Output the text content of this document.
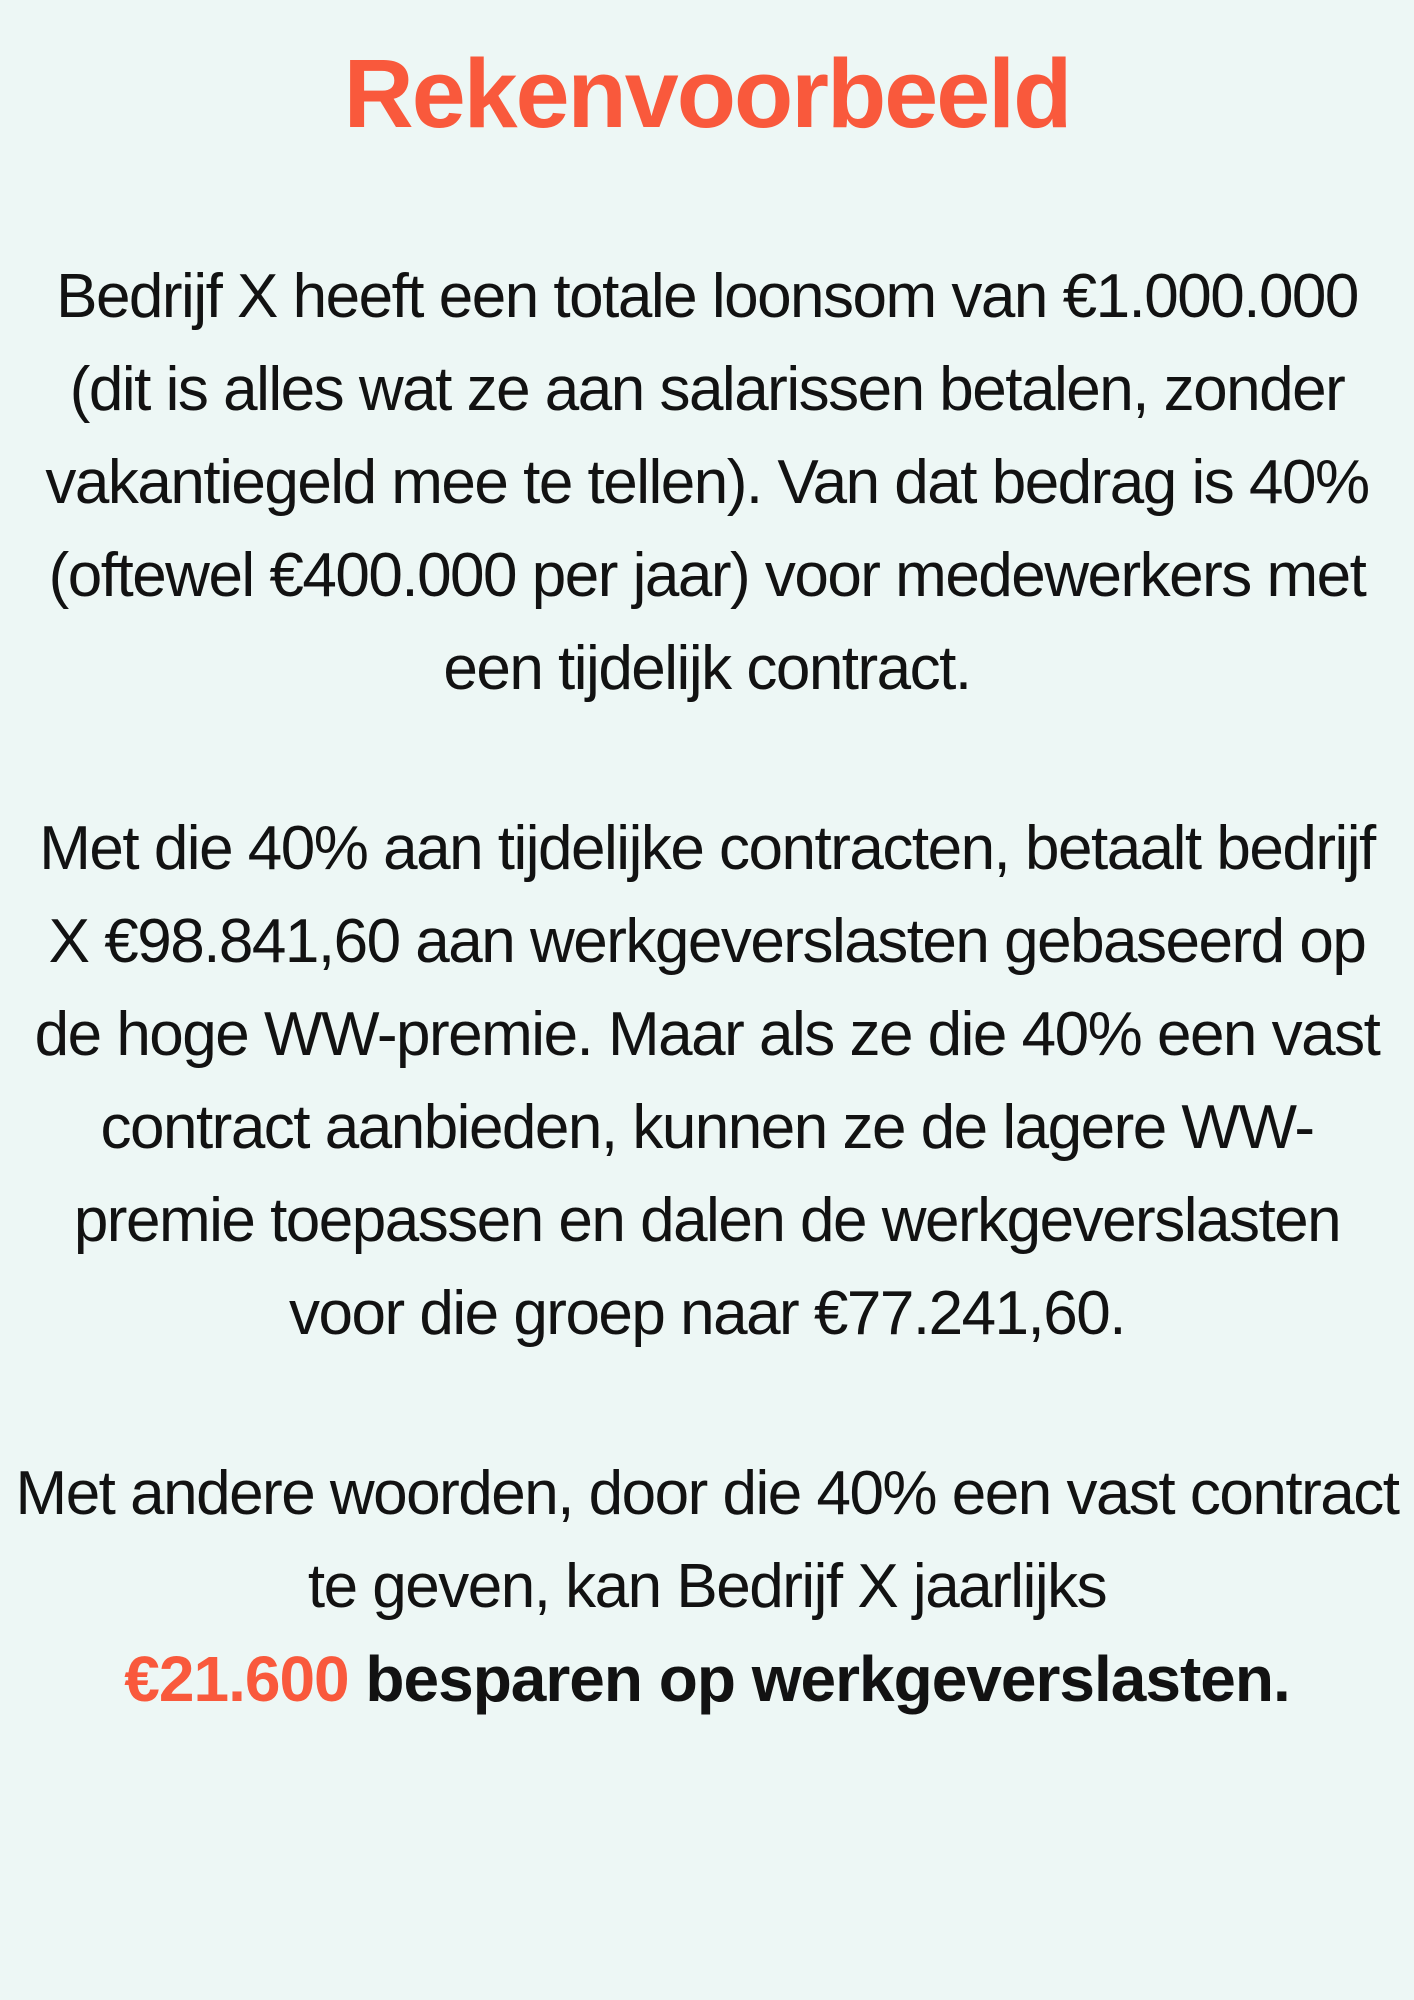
Rekenvoorbeeld

Bedrijf X heeft een totale loonsom van €1.000.000 (dit is alles wat ze aan salarissen betalen, zonder vakantiegeld mee te tellen). Van dat bedrag is 40% (oftewel €400.000 per jaar) voor medewerkers met een tijdelijk contract.

Met die 40% aan tijdelijke contracten, betaalt bedrijf X €98.841,60 aan werkgeverslasten gebaseerd op de hoge WW-premie. Maar als ze die 40% een vast contract aanbieden, kunnen ze de lagere WW-premie toepassen en dalen de werkgeverslasten voor die groep naar €77.241,60.

Met andere woorden, door die 40% een vast contract te geven, kan Bedrijf X jaarlijks
€21.600 besparen op werkgeverslasten.
